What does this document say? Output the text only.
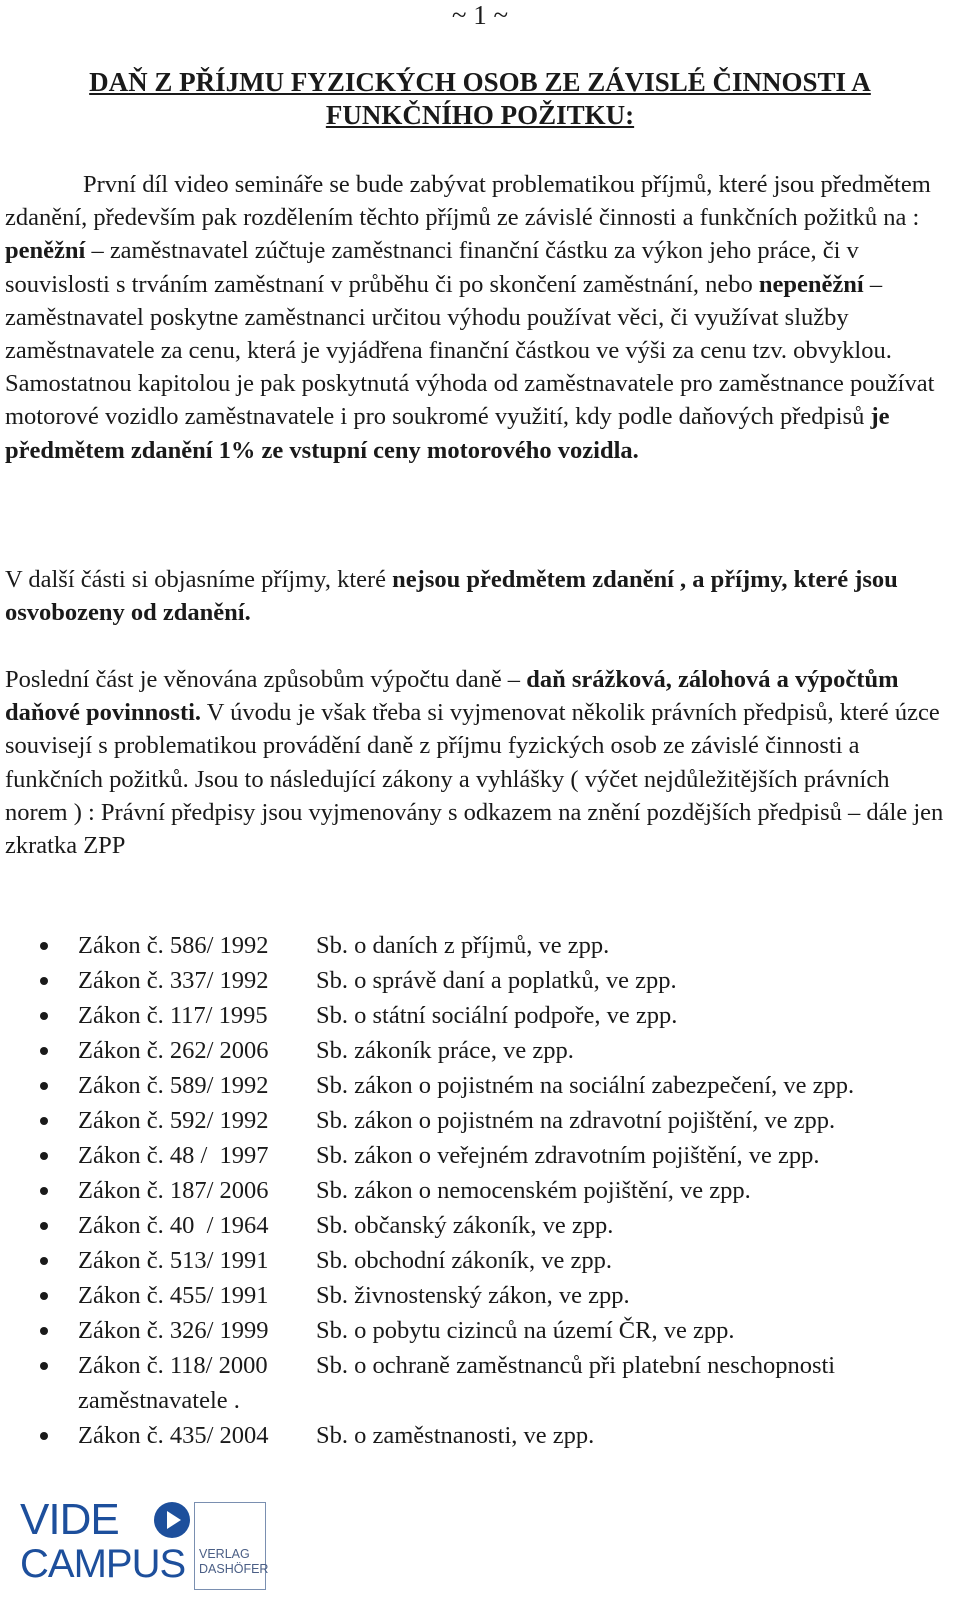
~ 1 ~
DAŇ Z PŘÍJMU FYZICKÝCH OSOB ZE ZÁVISLÉ ČINNOSTI A
FUNKČNÍHO POŽITKU:

První díl video semináře se bude zabývat problematikou příjmů, které jsou předmětem zdanění, především pak rozdělením těchto příjmů ze závislé činnosti a funkčních požitků na : peněžní – zaměstnavatel zúčtuje zaměstnanci finanční částku za výkon jeho práce, či v souvislosti s trváním zaměstnaní v průběhu či po skončení zaměstnání, nebo nepeněžní – zaměstnavatel poskytne zaměstnanci určitou výhodu používat věci, či využívat služby zaměstnavatele za cenu, která je vyjádřena finanční částkou ve výši za cenu tzv. obvyklou. Samostatnou kapitolou je pak poskytnutá výhoda od zaměstnavatele pro zaměstnance používat motorové vozidlo zaměstnavatele i pro soukromé využití, kdy podle daňových předpisů je předmětem zdanění 1% ze vstupní ceny motorového vozidla.

V další části si objasníme příjmy, které nejsou předmětem zdanění , a příjmy, které jsou osvobozeny od zdanění.

Poslední část je věnována způsobům výpočtu daně – daň srážková, zálohová a výpočtům daňové povinnosti. V úvodu je však třeba si vyjmenovat několik právních předpisů, které úzce souvisejí s problematikou provádění daně z příjmu fyzických osob ze závislé činnosti a funkčních požitků. Jsou to následující zákony a vyhlášky ( výčet nejdůležitějších právních norem ) : Právní předpisy jsou vyjmenovány s odkazem na znění pozdějších předpisů – dále jen zkratka ZPP

Zákon č. 586/ 1992 Sb. o daních z příjmů, ve zpp.
Zákon č. 337/ 1992 Sb. o správě daní a poplatků, ve zpp.
Zákon č. 117/ 1995 Sb. o státní sociální podpoře, ve zpp.
Zákon č. 262/ 2006 Sb. zákoník práce, ve zpp.
Zákon č. 589/ 1992 Sb. zákon o pojistném na sociální zabezpečení, ve zpp.
Zákon č. 592/ 1992 Sb. zákon o pojistném na zdravotní pojištění, ve zpp.
Zákon č. 48 /  1997 Sb. zákon o veřejném zdravotním pojištění, ve zpp.
Zákon č. 187/ 2006 Sb. zákon o nemocenském pojištění, ve zpp.
Zákon č. 40  / 1964 Sb. občanský zákoník, ve zpp.
Zákon č. 513/ 1991 Sb. obchodní zákoník, ve zpp.
Zákon č. 455/ 1991 Sb. živnostenský zákon, ve zpp.
Zákon č. 326/ 1999 Sb. o pobytu cizinců na území ČR, ve zpp.
Zákon č. 118/ 2000 Sb. o ochraně zaměstnanců při platební neschopnosti zaměstnavatele .
Zákon č. 435/ 2004 Sb. o zaměstnanosti, ve zpp.
VIDE
CAMPUS VERLAG
DASHÖFER
